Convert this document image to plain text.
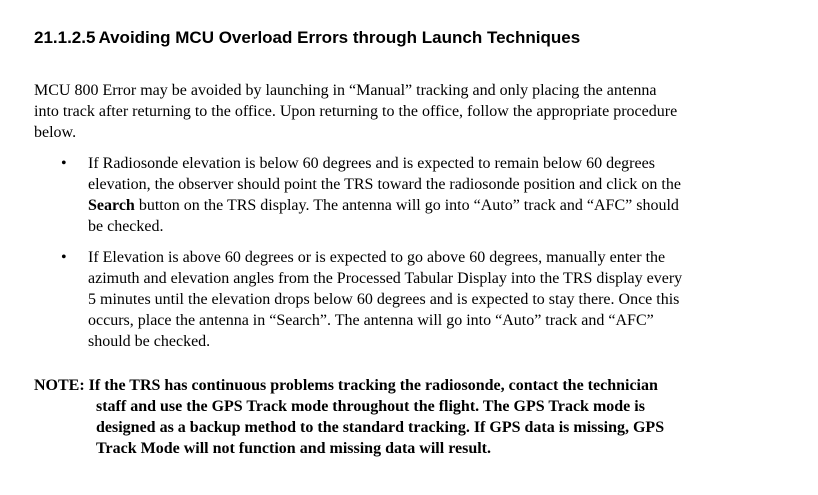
21.1.2.5 Avoiding MCU Overload Errors through Launch Techniques
MCU 800 Error may be avoided by launching in “Manual” tracking and only placing the antenna
into track after returning to the office. Upon returning to the office, follow the appropriate procedure
below.
•	If Radiosonde elevation is below 60 degrees and is expected to remain below 60 degrees
elevation, the observer should point the TRS toward the radiosonde position and click on the
Search button on the TRS display. The antenna will go into “Auto” track and “AFC” should
be checked.
•	If Elevation is above 60 degrees or is expected to go above 60 degrees, manually enter the
azimuth and elevation angles from the Processed Tabular Display into the TRS display every
5 minutes until the elevation drops below 60 degrees and is expected to stay there. Once this
occurs, place the antenna in “Search”. The antenna will go into “Auto” track and “AFC”
should be checked.
NOTE: If the TRS has continuous problems tracking the radiosonde, contact the technician
staff and use the GPS Track mode throughout the flight. The GPS Track mode is
designed as a backup method to the standard tracking. If GPS data is missing, GPS
Track Mode will not function and missing data will result.
